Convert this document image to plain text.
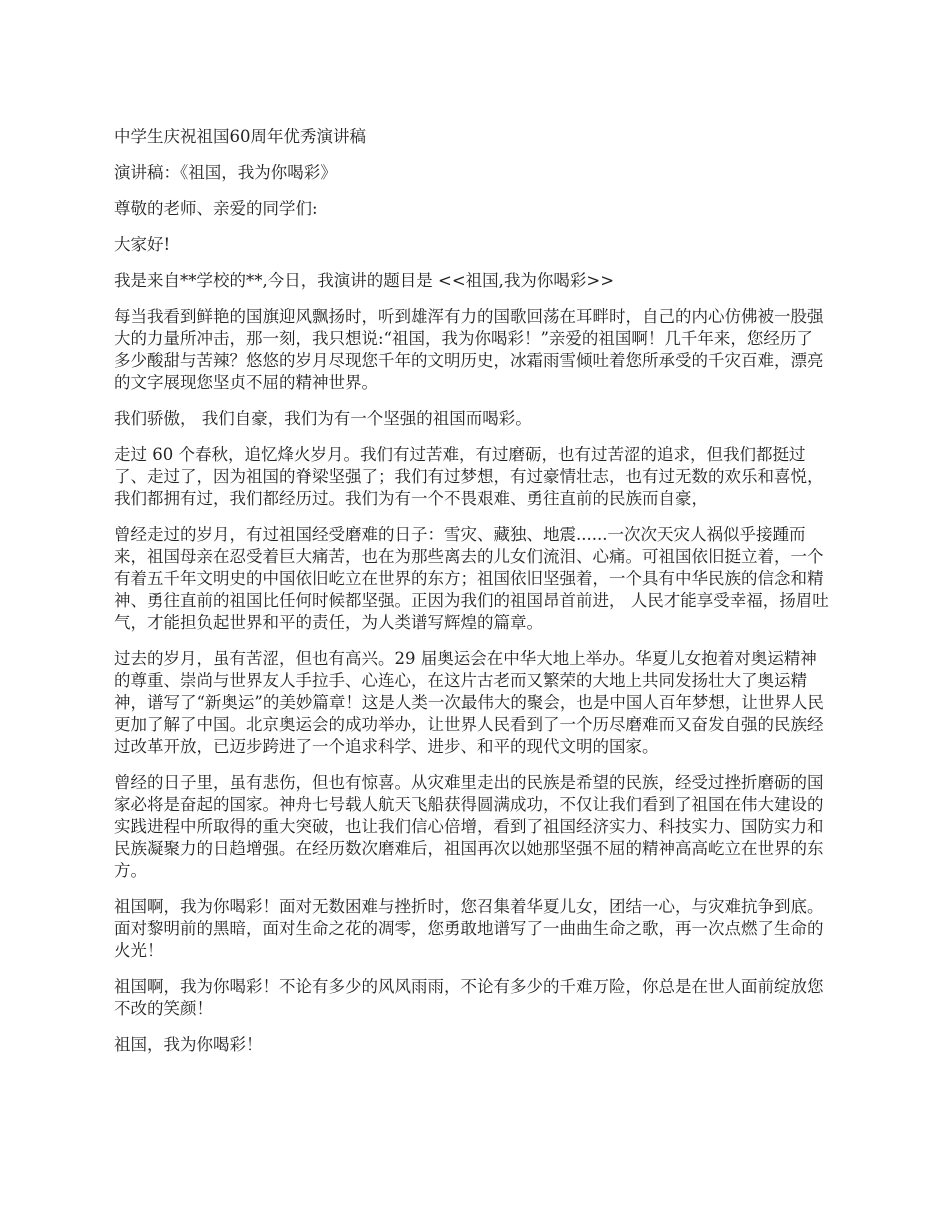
中学生庆祝祖国60周年优秀演讲稿

演讲稿：《祖国，我为你喝彩》

尊敬的老师、亲爱的同学们:

大家好!

我是来自**学校的**,今日，我演讲的题目是 <<祖国,我为你喝彩>>

每当我看到鲜艳的国旗迎风飘扬时，听到雄浑有力的国歌回荡在耳畔时，自己的内心仿佛被一股强大的力量所冲击，那一刻，我只想说:“祖国，我为你喝彩！”亲爱的祖国啊！几千年来，您经历了多少酸甜与苦辣？悠悠的岁月尽现您千年的文明历史，冰霜雨雪倾吐着您所承受的千灾百难，漂亮的文字展现您坚贞不屈的精神世界。

我们骄傲， 我们自豪，我们为有一个坚强的祖国而喝彩。

走过 60 个春秋，追忆烽火岁月。我们有过苦难，有过磨砺，也有过苦涩的追求，但我们都挺过了、走过了，因为祖国的脊梁坚强了；我们有过梦想，有过豪情壮志，也有过无数的欢乐和喜悦，我们都拥有过，我们都经历过。我们为有一个不畏艰难、勇往直前的民族而自豪，

曾经走过的岁月，有过祖国经受磨难的日子：雪灾、藏独、地震......一次次天灾人祸似乎接踵而来，祖国母亲在忍受着巨大痛苦，也在为那些离去的儿女们流泪、心痛。可祖国依旧挺立着，一个有着五千年文明史的中国依旧屹立在世界的东方；祖国依旧坚强着，一个具有中华民族的信念和精神、勇往直前的祖国比任何时候都坚强。正因为我们的祖国昂首前进， 人民才能享受幸福，扬眉吐气，才能担负起世界和平的责任，为人类谱写辉煌的篇章。

过去的岁月，虽有苦涩，但也有高兴。29 届奥运会在中华大地上举办。华夏儿女抱着对奥运精神的尊重、崇尚与世界友人手拉手、心连心，在这片古老而又繁荣的大地上共同发扬壮大了奥运精神，谱写了“新奥运”的美妙篇章！这是人类一次最伟大的聚会，也是中国人百年梦想，让世界人民更加了解了中国。北京奥运会的成功举办，让世界人民看到了一个历尽磨难而又奋发自强的民族经过改革开放，已迈步跨进了一个追求科学、进步、和平的现代文明的国家。

曾经的日子里，虽有悲伤，但也有惊喜。从灾难里走出的民族是希望的民族，经受过挫折磨砺的国家必将是奋起的国家。神舟七号载人航天飞船获得圆满成功，不仅让我们看到了祖国在伟大建设的实践进程中所取得的重大突破，也让我们信心倍增，看到了祖国经济实力、科技实力、国防实力和民族凝聚力的日趋增强。在经历数次磨难后，祖国再次以她那坚强不屈的精神高高屹立在世界的东方。

祖国啊，我为你喝彩！面对无数困难与挫折时，您召集着华夏儿女，团结一心，与灾难抗争到底。面对黎明前的黑暗，面对生命之花的凋零，您勇敢地谱写了一曲曲生命之歌，再一次点燃了生命的火光！

祖国啊，我为你喝彩！不论有多少的风风雨雨，不论有多少的千难万险，你总是在世人面前绽放您不改的笑颜！

祖国，我为你喝彩！
